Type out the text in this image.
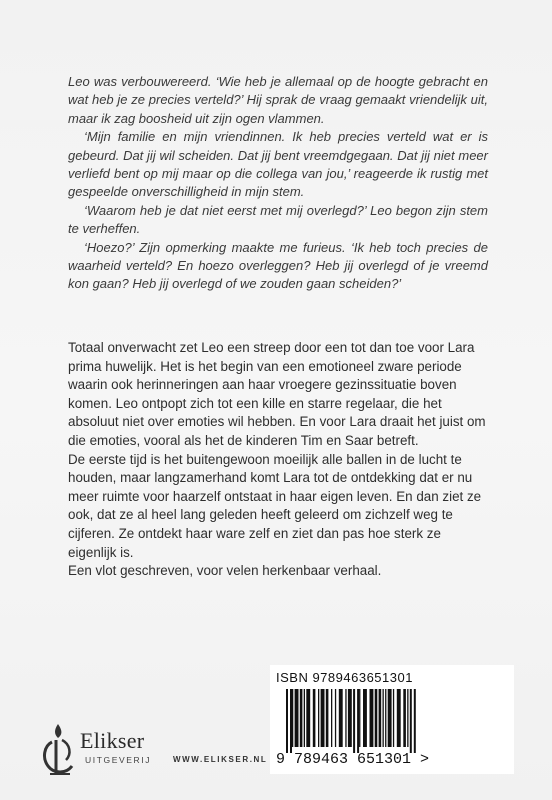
Leo was verbouwereerd. ‘Wie heb je allemaal op de hoogte gebracht en wat heb je ze precies verteld?’ Hij sprak de vraag gemaakt vriendelijk uit, maar ik zag boosheid uit zijn ogen vlammen.

‘Mijn familie en mijn vriendinnen. Ik heb precies verteld wat er is gebeurd. Dat jij wil scheiden. Dat jij bent vreemdgegaan. Dat jij niet meer verliefd bent op mij maar op die collega van jou,’ reageerde ik rustig met gespeelde onverschilligheid in mijn stem.

‘Waarom heb je dat niet eerst met mij overlegd?’ Leo begon zijn stem te verheffen.

‘Hoezo?’ Zijn opmerking maakte me furieus. ‘Ik heb toch precies de waarheid verteld? En hoezo overleggen? Heb jij overlegd of je vreemd kon gaan? Heb jij overlegd of we zouden gaan scheiden?’

Totaal onverwacht zet Leo een streep door een tot dan toe voor Lara prima huwelijk. Het is het begin van een emotioneel zware periode waarin ook herinneringen aan haar vroegere gezinssituatie boven komen. Leo ontpopt zich tot een kille en starre regelaar, die het absoluut niet over emoties wil hebben. En voor Lara draait het juist om die emoties, vooral als het de kinderen Tim en Saar betreft.

De eerste tijd is het buitengewoon moeilijk alle ballen in de lucht te houden, maar langzamerhand komt Lara tot de ontdekking dat er nu meer ruimte voor haarzelf ontstaat in haar eigen leven. En dan ziet ze ook, dat ze al heel lang geleden heeft geleerd om zichzelf weg te cijferen. Ze ontdekt haar ware zelf en ziet dan pas hoe sterk ze eigenlijk is.

Een vlot geschreven, voor velen herkenbaar verhaal.

Elikser
UITGEVERIJ	WWW.ELIKSER.NL
ISBN 9789463651301
9 789463 651301 >
